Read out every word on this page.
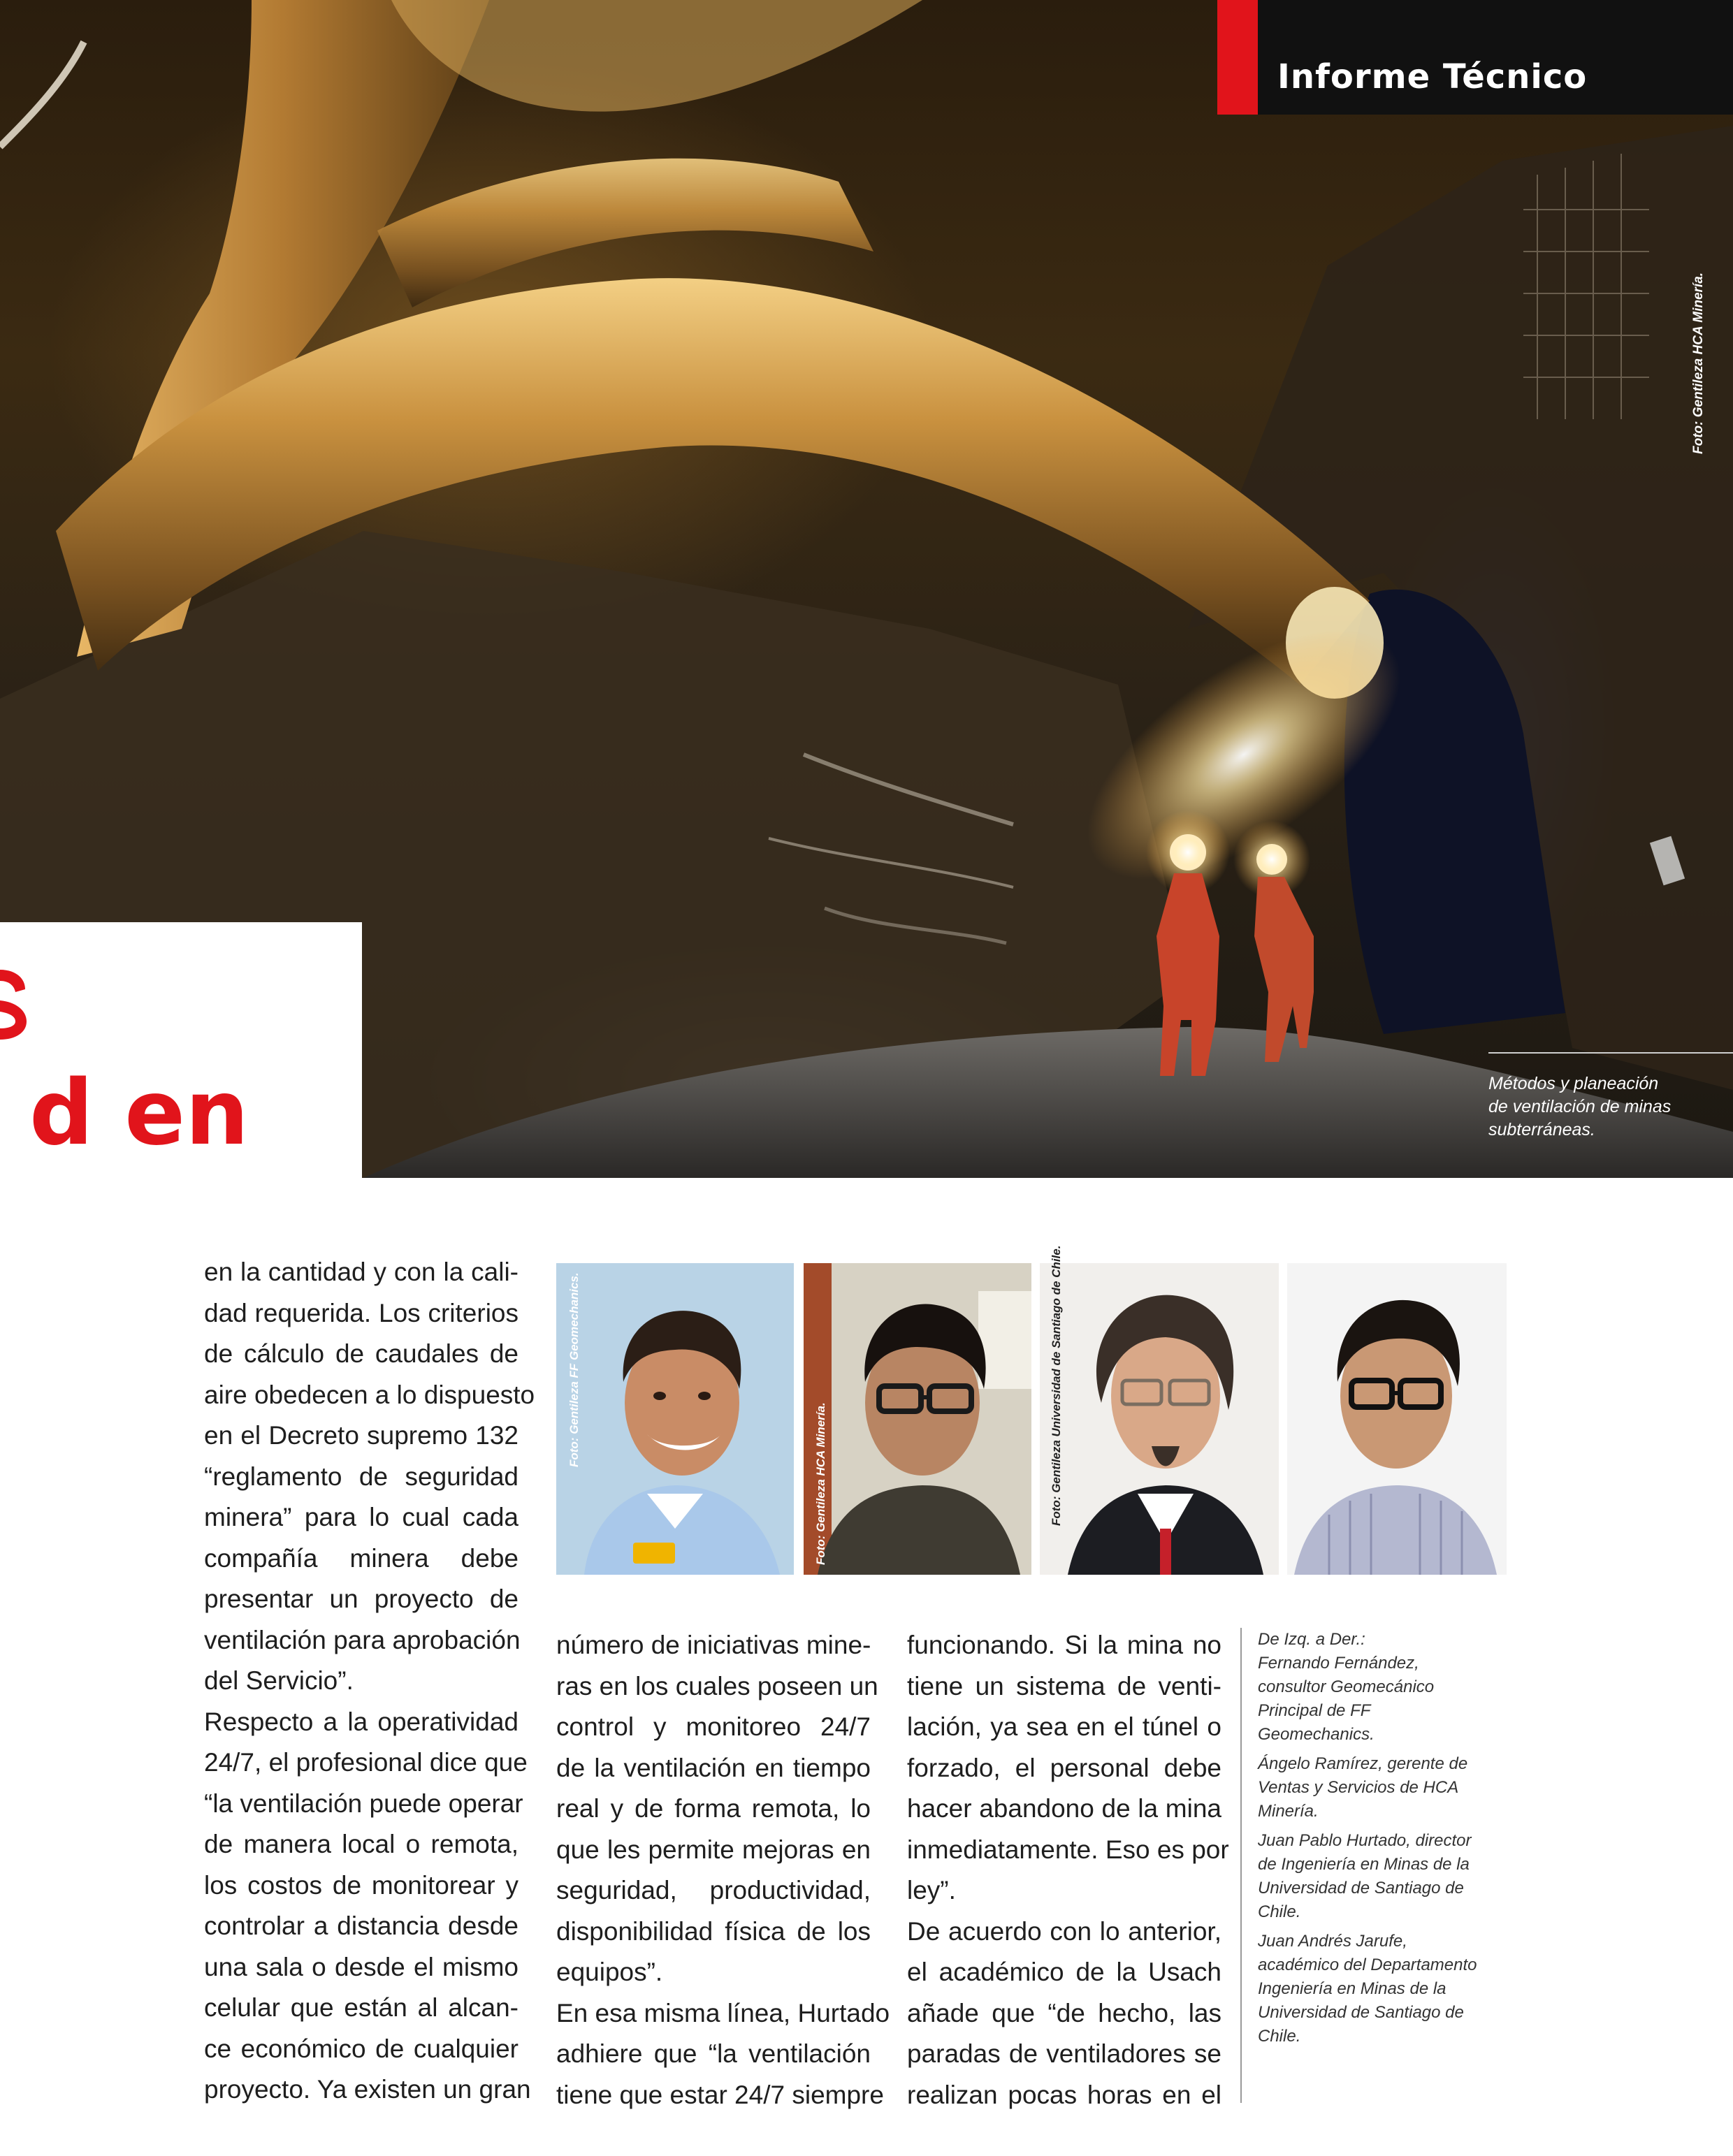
Informe Técnico
Foto: Gentileza HCA Minería.
Métodos y planeación
de ventilación de minas
subterráneas.
d en
Foto: Gentileza FF Geomechanics.
Foto: Gentileza HCA Minería.	Foto: Gentileza Universidad de Santiago de Chile.
en la cantidad y con la cali-
dad requerida. Los criterios
de cálculo de caudales de
aire obedecen a lo dispuesto
en el Decreto supremo 132
“reglamento de seguridad
minera” para lo cual cada
compañía minera debe
presentar un proyecto de
ventilación para aprobación
del Servicio”.
Respecto a la operatividad
24/7, el profesional dice que
“la ventilación puede operar
de manera local o remota,
los costos de monitorear y
controlar a distancia desde
una sala o desde el mismo
celular que están al alcan-
ce económico de cualquier
proyecto. Ya existen un gran
número de iniciativas mine-
ras en los cuales poseen un
control y monitoreo 24/7
de la ventilación en tiempo
real y de forma remota, lo
que les permite mejoras en
seguridad, productividad,
disponibilidad física de los
equipos”.
En esa misma línea, Hurtado
adhiere que “la ventilación
tiene que estar 24/7 siempre
funcionando. Si la mina no
tiene un sistema de venti-
lación, ya sea en el túnel o
forzado, el personal debe
hacer abandono de la mina
inmediatamente. Eso es por
ley”.
De acuerdo con lo anterior,
el académico de la Usach
añade que “de hecho, las
paradas de ventiladores se
realizan pocas horas en el

De Izq. a Der.:

Fernando Fernández, consultor Geomecánico Principal de FF Geomechanics.

Ángelo Ramírez, gerente de Ventas y Servicios de HCA Minería.

Juan Pablo Hurtado, director de Ingeniería en Minas de la Universidad de Santiago de Chile.

Juan Andrés Jarufe, académico del Departamento Ingeniería en Minas de la Universidad de Santiago de Chile.
